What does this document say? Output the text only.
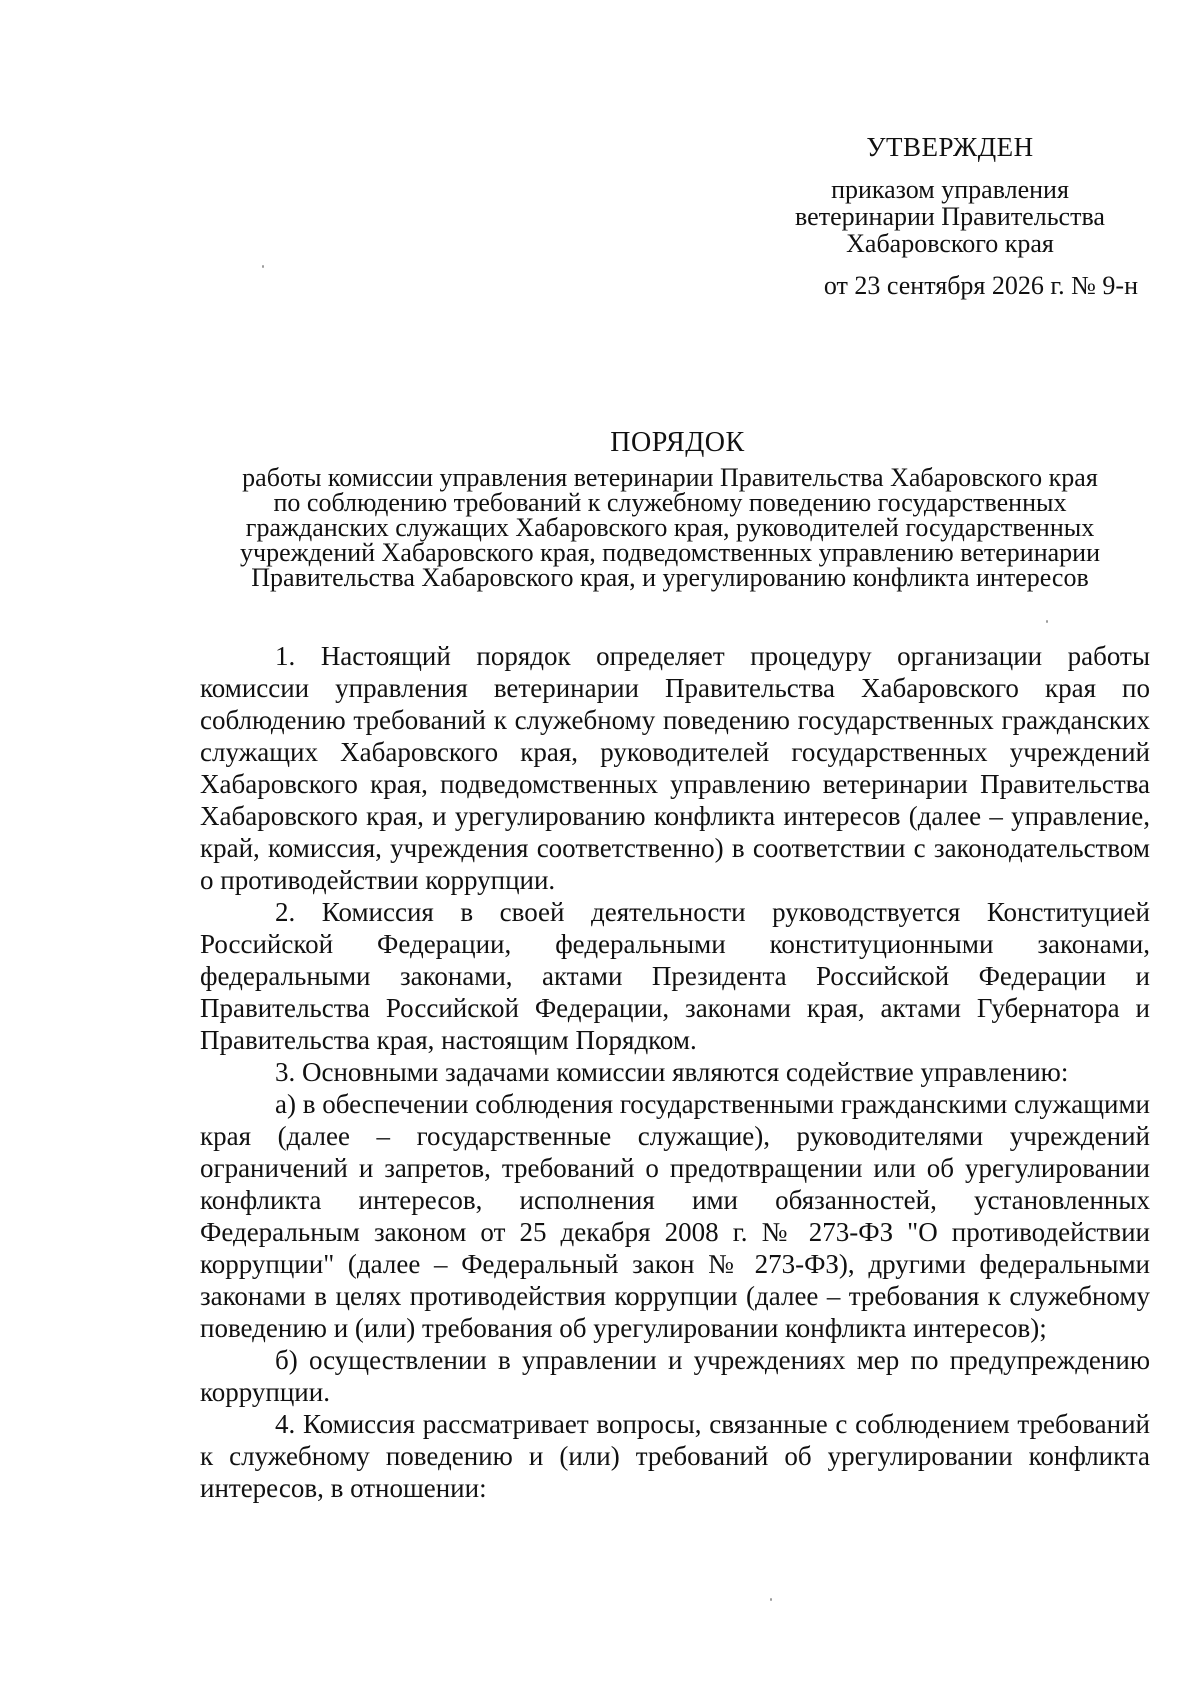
УТВЕРЖДЕН
приказом управления
ветеринарии Правительства
Хабаровского края
от 23 сентября 2026 г. № 9-н
ПОРЯДОК
работы комиссии управления ветеринарии Правительства Хабаровского края
по соблюдению требований к служебному поведению государственных
гражданских служащих Хабаровского края, руководителей государственных
учреждений Хабаровского края, подведомственных управлению ветеринарии
Правительства Хабаровского края, и урегулированию конфликта интересов

1. Настоящий порядок определяет процедуру организации работы комиссии управления ветеринарии Правительства Хабаровского края по соблюдению требований к служебному поведению государственных гражданских служащих Хабаровского края, руководителей государственных учреждений Хабаровского края, подведомственных управлению ветеринарии Правительства Хабаровского края, и урегулированию конфликта интересов (далее – управление, край, комиссия, учреждения соответственно) в соответствии с законодательством о противодействии коррупции.

2. Комиссия в своей деятельности руководствуется Конституцией Российской Федерации, федеральными конституционными законами, федеральными законами, актами Президента Российской Федерации и Правительства Российской Федерации, законами края, актами Губернатора и Правительства края, настоящим Порядком.

3. Основными задачами комиссии являются содействие управлению:

а) в обеспечении соблюдения государственными гражданскими служащими края (далее – государственные служащие), руководителями учреждений ограничений и запретов, требований о предотвращении или об урегулировании конфликта интересов, исполнения ими обязанностей, установленных Федеральным законом от 25 декабря 2008 г. № 273-ФЗ "О противодействии коррупции" (далее – Федеральный закон № 273-ФЗ), другими федеральными законами в целях противодействия коррупции (далее – требования к служебному поведению и (или) требования об урегулировании конфликта интересов);

б) осуществлении в управлении и учреждениях мер по предупреждению коррупции.

4. Комиссия рассматривает вопросы, связанные с соблюдением требований к служебному поведению и (или) требований об урегулировании конфликта интересов, в отношении:
